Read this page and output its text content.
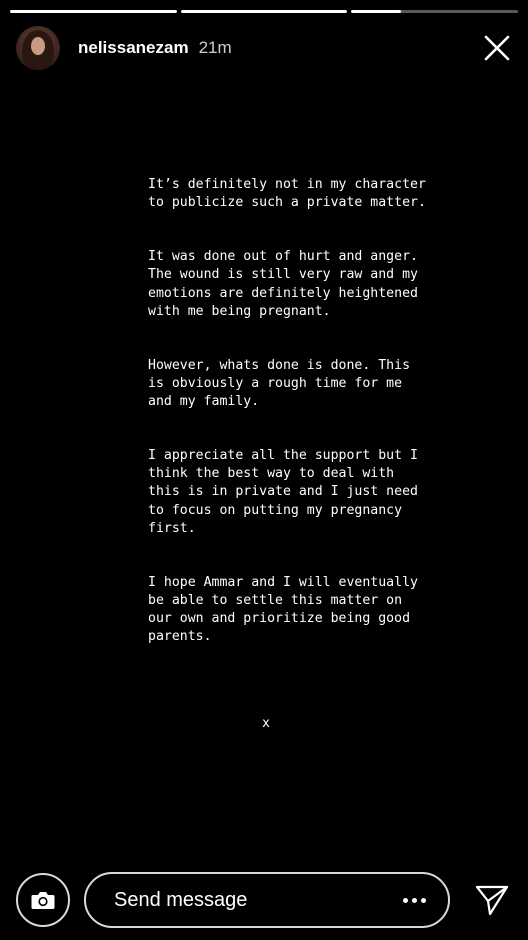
nelissanezam 21m

It’s definitely not in my character to publicize such a private matter.

It was done out of hurt and anger. The wound is still very raw and my emotions are definitely heightened with me being pregnant.

However, whats done is done. This is obviously a rough time for me and my family.

I appreciate all the support but I think the best way to deal with this is in private and I just need to focus on putting my pregnancy first.

I hope Ammar and I will eventually be able to settle this matter on our own and prioritize being good parents.

x
Send message
